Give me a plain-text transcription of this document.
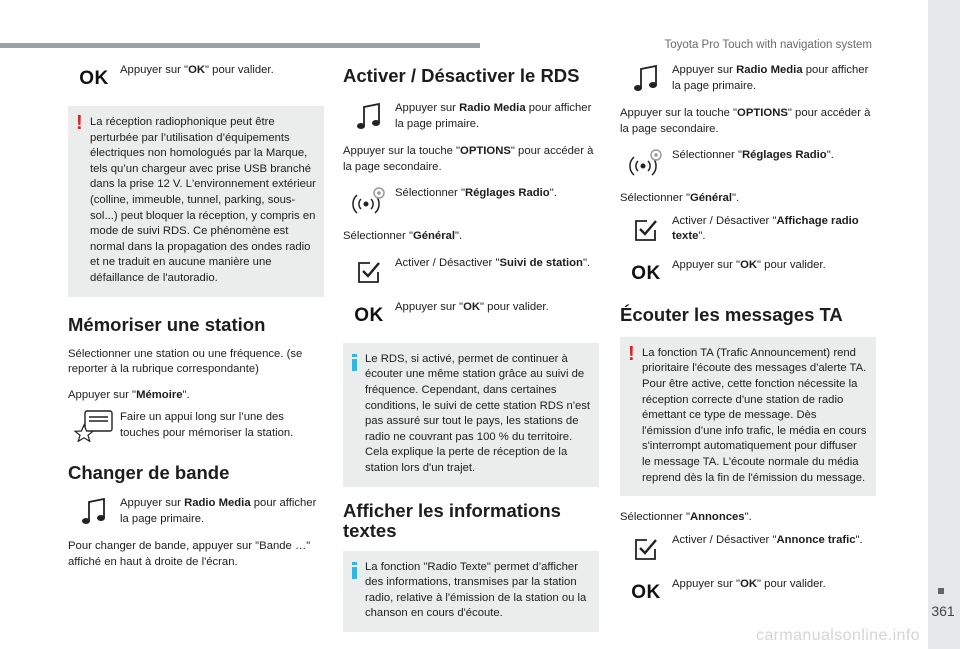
Toyota Pro Touch with navigation system
361
carmanualsonline.info
OK Appuyer sur "OK" pour valider.
! La réception radiophonique peut être perturbée par l’utilisation d’équipements électriques non homologués par la Marque, tels qu’un chargeur avec prise USB branché dans la prise 12 V. L'environnement extérieur (colline, immeuble, tunnel, parking, sous-sol...) peut bloquer la réception, y compris en mode de suivi RDS. Ce phénomène est normal dans la propagation des ondes radio et ne traduit en aucune manière une défaillance de l'autoradio.
Mémoriser une station
Sélectionner une station ou une fréquence. (se reporter à la rubrique correspondante)
Appuyer sur "Mémoire".
Faire un appui long sur l’une des touches pour mémoriser la station.
Changer de bande
Appuyer sur Radio Media pour afficher la page primaire.
Pour changer de bande, appuyer sur "Bande …" affiché en haut à droite de l'écran.
Activer / Désactiver le RDS
Appuyer sur Radio Media pour afficher la page primaire.
Appuyer sur la touche "OPTIONS" pour accéder à la page secondaire.
Sélectionner "Réglages Radio".
Sélectionner "Général".
Activer / Désactiver "Suivi de station".
OK Appuyer sur "OK" pour valider.
Le RDS, si activé, permet de continuer à écouter une même station grâce au suivi de fréquence. Cependant, dans certaines conditions, le suivi de cette station RDS n'est pas assuré sur tout le pays, les stations de radio ne couvrant pas 100 % du territoire. Cela explique la perte de réception de la station lors d'un trajet.
Afficher les informations textes
La fonction "Radio Texte" permet d’afficher des informations, transmises par la station radio, relative à l'émission de la station ou la chanson en cours d'écoute.
Appuyer sur Radio Media pour afficher la page primaire.
Appuyer sur la touche "OPTIONS" pour accéder à la page secondaire.
Sélectionner "Réglages Radio".
Sélectionner "Général".
Activer / Désactiver "Affichage radio texte".
OK Appuyer sur "OK" pour valider.
Écouter les messages TA
! La fonction TA (Trafic Announcement) rend prioritaire l'écoute des messages d'alerte TA. Pour être active, cette fonction nécessite la réception correcte d'une station de radio émettant ce type de message. Dès l'émission d’une info trafic, le média en cours s'interrompt automatiquement pour diffuser le message TA. L'écoute normale du média reprend dès la fin de l'émission du message.
Sélectionner "Annonces".
Activer / Désactiver "Annonce trafic".
OK Appuyer sur "OK" pour valider.
